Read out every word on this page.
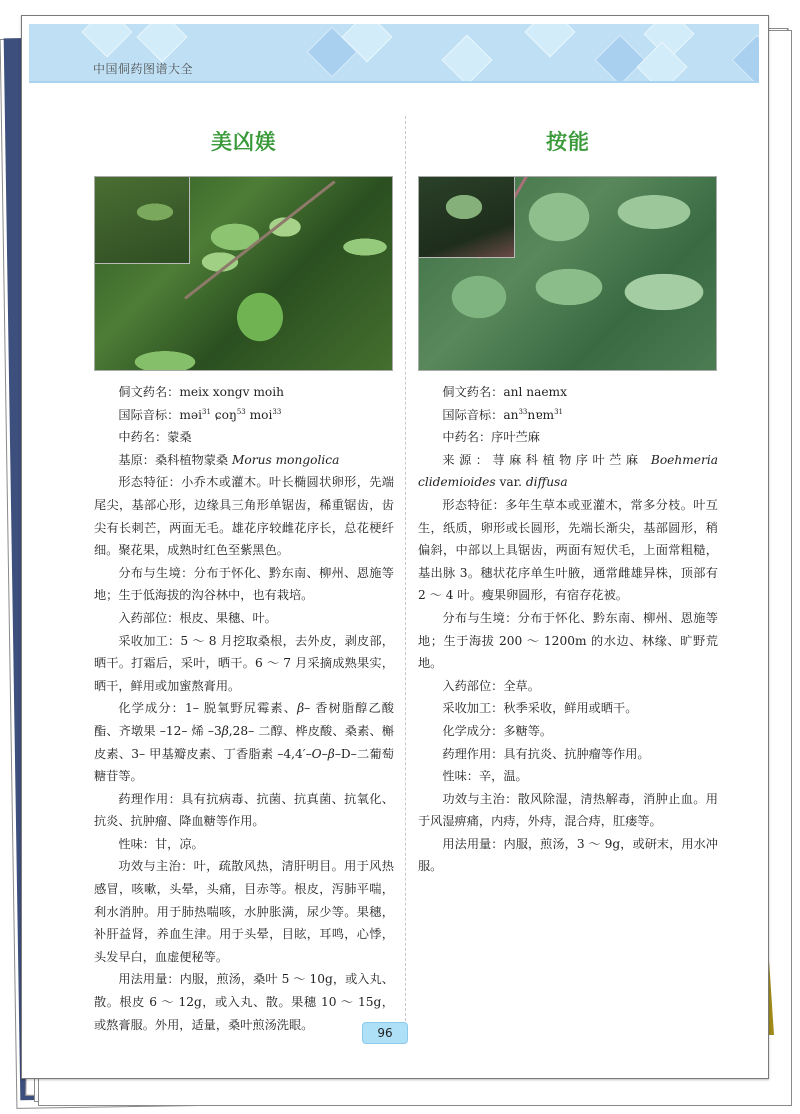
中国侗药图谱大全
美凶媄

侗文药名：meix xongv moih

国际音标：məi$^{31}$ ɕoŋ$^{53}$ moi$^{33}$

中药名：蒙桑

基原：桑科植物蒙桑 Morus mongolica

形态特征：小乔木或灌木。叶长椭圆状卵形，先端尾尖，基部心形，边缘具三角形单锯齿，稀重锯齿，齿尖有长刺芒，两面无毛。雄花序较雌花序长，总花梗纤细。聚花果，成熟时红色至紫黑色。

分布与生境：分布于怀化、黔东南、柳州、恩施等地；生于低海拔的沟谷林中，也有栽培。

入药部位：根皮、果穗、叶。

采收加工：5 ～ 8 月挖取桑根，去外皮，剥皮部，晒干。打霜后，采叶，晒干。6 ～ 7 月采摘成熟果实，晒干，鲜用或加蜜熬膏用。

化学成分：1– 脱氧野尻霉素、β– 香树脂醇乙酸酯、齐墩果 –12– 烯 –3β,28– 二醇、桦皮酸、桑素、槲皮素、3– 甲基瓣皮素、丁香脂素 –4,4′–O–β–D–二葡萄糖苷等。

药理作用：具有抗病毒、抗菌、抗真菌、抗氧化、抗炎、抗肿瘤、降血糖等作用。

性味：甘，凉。

功效与主治：叶，疏散风热，清肝明目。用于风热感冒，咳嗽，头晕，头痛，目赤等。根皮，泻肺平喘，利水消肿。用于肺热喘咳，水肿胀满，尿少等。果穗，补肝益肾，养血生津。用于头晕，目眩，耳鸣，心悸，头发早白，血虚便秘等。

用法用量：内服，煎汤，桑叶 5 ～ 10g，或入丸、散。根皮 6 ～ 12g，或入丸、散。果穗 10 ～ 15g，或熬膏服。外用，适量，桑叶煎汤洗眼。

按能

侗文药名：anl naemx

国际音标：$an^{33}nɐm^{31}$

中药名：序叶苎麻

来源：荨麻科植物序叶苎麻 Boehmeria clidemioides var. diffusa

形态特征：多年生草本或亚灌木，常多分枝。叶互生，纸质，卵形或长圆形，先端长渐尖，基部圆形，稍偏斜，中部以上具锯齿，两面有短伏毛，上面常粗糙，基出脉 3。穗状花序单生叶腋，通常雌雄异株，顶部有 2 ～ 4 叶。瘦果卵圆形，有宿存花被。

分布与生境：分布于怀化、黔东南、柳州、恩施等地；生于海拔 200 ～ 1200m 的水边、林缘、旷野荒地。

入药部位：全草。

采收加工：秋季采收，鲜用或晒干。

化学成分：多糖等。

药理作用：具有抗炎、抗肿瘤等作用。

性味：辛，温。

功效与主治：散风除湿，清热解毒，消肿止血。用于风湿痹痛，内痔，外痔，混合痔，肛瘘等。

用法用量：内服，煎汤，3 ～ 9g，或研末，用水冲服。

96
